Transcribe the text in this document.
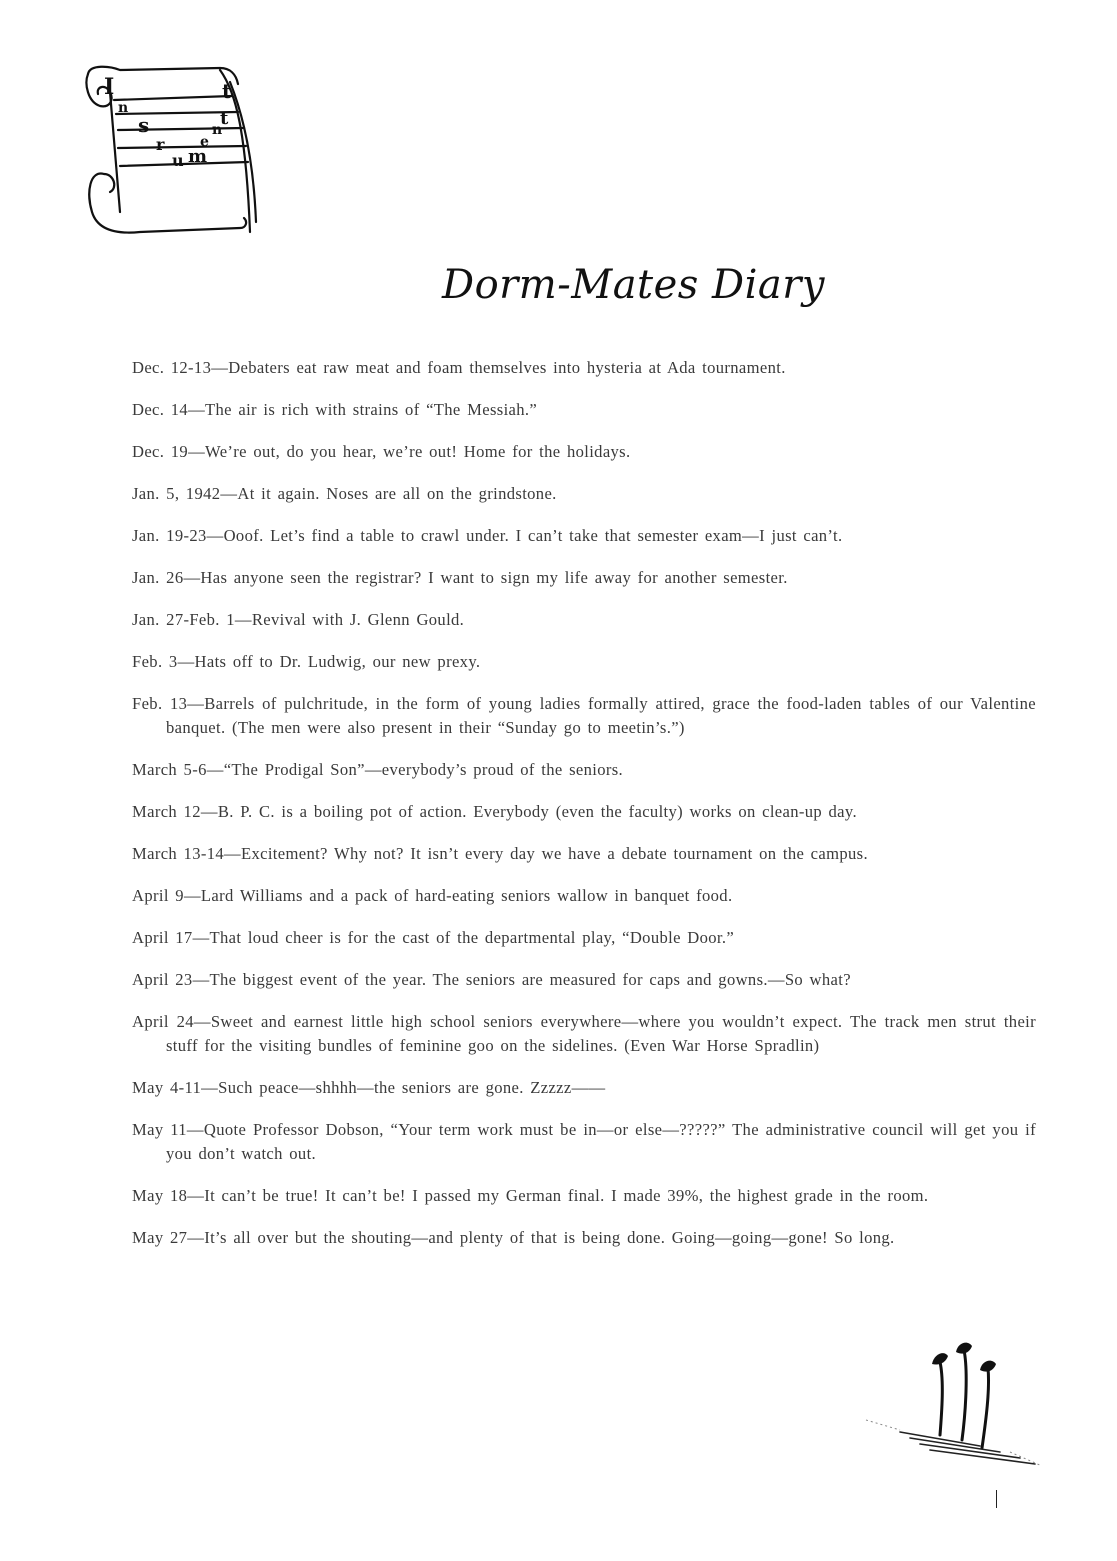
I
n
s	t
r
u m
e
n
t
Dorm-Mates Diary
Dec. 12-13—Debaters eat raw meat and foam themselves into hysteria at Ada tournament.
Dec. 14—The air is rich with strains of “The Messiah.”
Dec. 19—We’re out, do you hear, we’re out! Home for the holidays.
Jan. 5, 1942—At it again. Noses are all on the grindstone.
Jan. 19-23—Ooof. Let’s find a table to crawl under. I can’t take that semester exam—I just can’t.
Jan. 26—Has anyone seen the registrar? I want to sign my life away for another semester.
Jan. 27-Feb. 1—Revival with J. Glenn Gould.
Feb. 3—Hats off to Dr. Ludwig, our new prexy.
Feb. 13—Barrels of pulchritude, in the form of young ladies formally attired, grace the food-laden tables of our Valentine banquet. (The men were also present in their “Sunday go to meetin’s.”)
March 5-6—“The Prodigal Son”—everybody’s proud of the seniors.
March 12—B. P. C. is a boiling pot of action. Everybody (even the faculty) works on clean-up day.
March 13-14—Excitement? Why not? It isn’t every day we have a debate tournament on the campus.
April 9—Lard Williams and a pack of hard-eating seniors wallow in banquet food.
April 17—That loud cheer is for the cast of the departmental play, “Double Door.”
April 23—The biggest event of the year. The seniors are measured for caps and gowns.—So what?
April 24—Sweet and earnest little high school seniors everywhere—where you wouldn’t expect. The track men strut their stuff for the visiting bundles of feminine goo on the sidelines. (Even War Horse Spradlin)
May 4-11—Such peace—shhhh—the seniors are gone. Zzzzz——
May 11—Quote Professor Dobson, “Your term work must be in—or else—?????” The administrative council will get you if you don’t watch out.
May 18—It can’t be true! It can’t be! I passed my German final. I made 39%, the highest grade in the room.
May 27—It’s all over but the shouting—and plenty of that is being done. Going—going—gone! So long.
